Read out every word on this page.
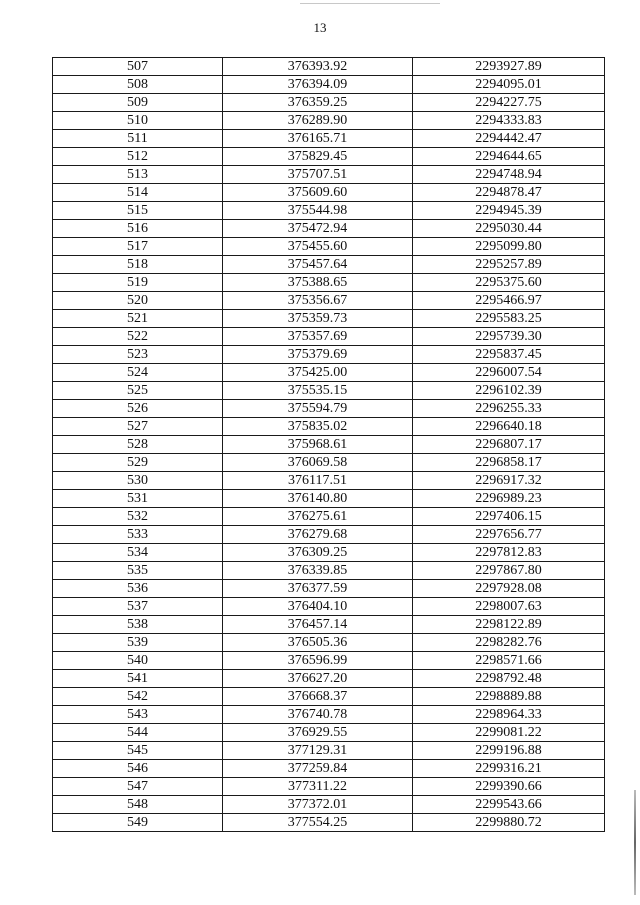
13
507	376393.92	2293927.89
508	376394.09	2294095.01
509	376359.25	2294227.75
510	376289.90	2294333.83
511	376165.71	2294442.47
512	375829.45	2294644.65
513	375707.51	2294748.94
514	375609.60	2294878.47
515	375544.98	2294945.39
516	375472.94	2295030.44
517	375455.60	2295099.80
518	375457.64	2295257.89
519	375388.65	2295375.60
520	375356.67	2295466.97
521	375359.73	2295583.25
522	375357.69	2295739.30
523	375379.69	2295837.45
524	375425.00	2296007.54
525	375535.15	2296102.39
526	375594.79	2296255.33
527	375835.02	2296640.18
528	375968.61	2296807.17
529	376069.58	2296858.17
530	376117.51	2296917.32
531	376140.80	2296989.23
532	376275.61	2297406.15
533	376279.68	2297656.77
534	376309.25	2297812.83
535	376339.85	2297867.80
536	376377.59	2297928.08
537	376404.10	2298007.63
538	376457.14	2298122.89
539	376505.36	2298282.76
540	376596.99	2298571.66
541	376627.20	2298792.48
542	376668.37	2298889.88
543	376740.78	2298964.33
544	376929.55	2299081.22
545	377129.31	2299196.88
546	377259.84	2299316.21
547	377311.22	2299390.66
548	377372.01	2299543.66
549	377554.25	2299880.72
